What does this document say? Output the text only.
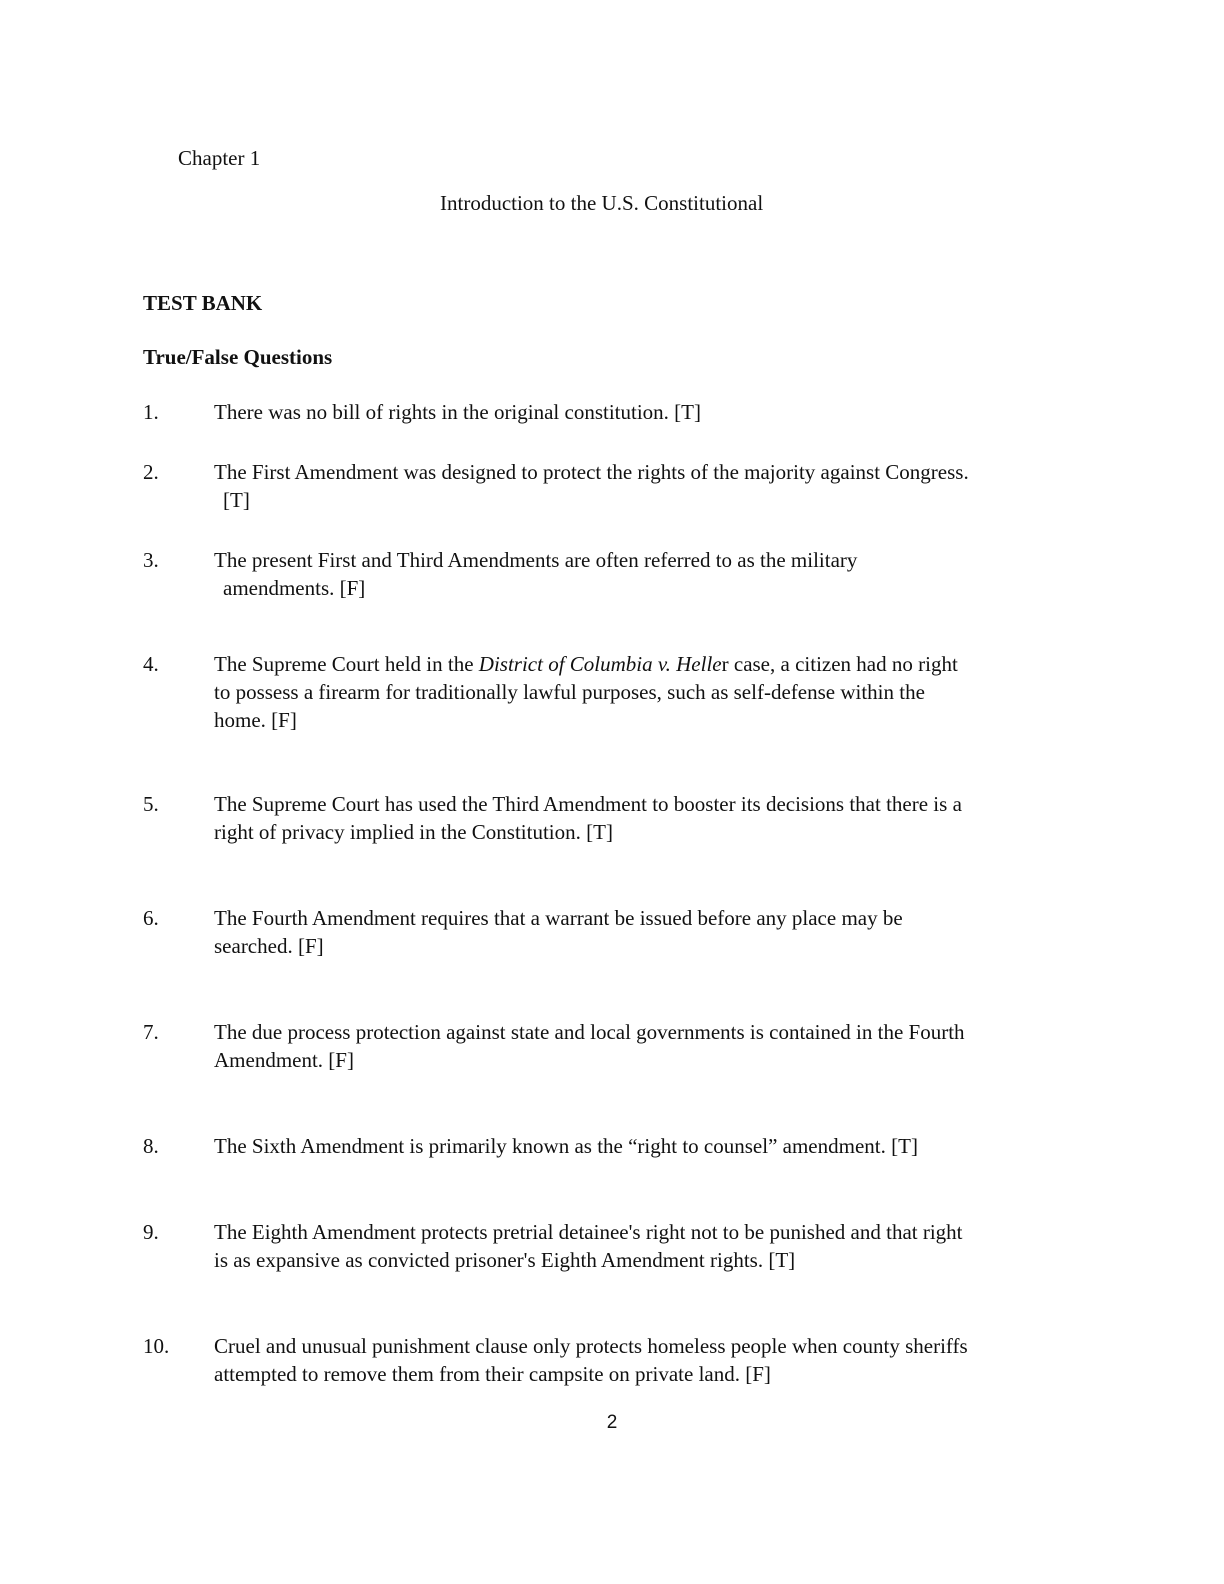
Chapter 1
Introduction to the U.S. Constitutional
TEST BANK
True/False Questions
1.	There was no bill of rights in the original constitution. [T]
2.	The First Amendment was designed to protect the rights of the majority against Congress.
[T]
3.	The present First and Third Amendments are often referred to as the military
amendments. [F]
4.	The Supreme Court held in the District of Columbia v. Heller case, a citizen had no right
to possess a firearm for traditionally lawful purposes, such as self-defense within the
home. [F]
5.	The Supreme Court has used the Third Amendment to booster its decisions that there is a
right of privacy implied in the Constitution. [T]
6.	The Fourth Amendment requires that a warrant be issued before any place may be
searched. [F]
7.	The due process protection against state and local governments is contained in the Fourth
Amendment. [F]
8.	The Sixth Amendment is primarily known as the “right to counsel” amendment. [T]
9.	The Eighth Amendment protects pretrial detainee's right not to be punished and that right
is as expansive as convicted prisoner's Eighth Amendment rights. [T]
10. Cruel and unusual punishment clause only protects homeless people when county sheriffs
attempted to remove them from their campsite on private land. [F]
2
